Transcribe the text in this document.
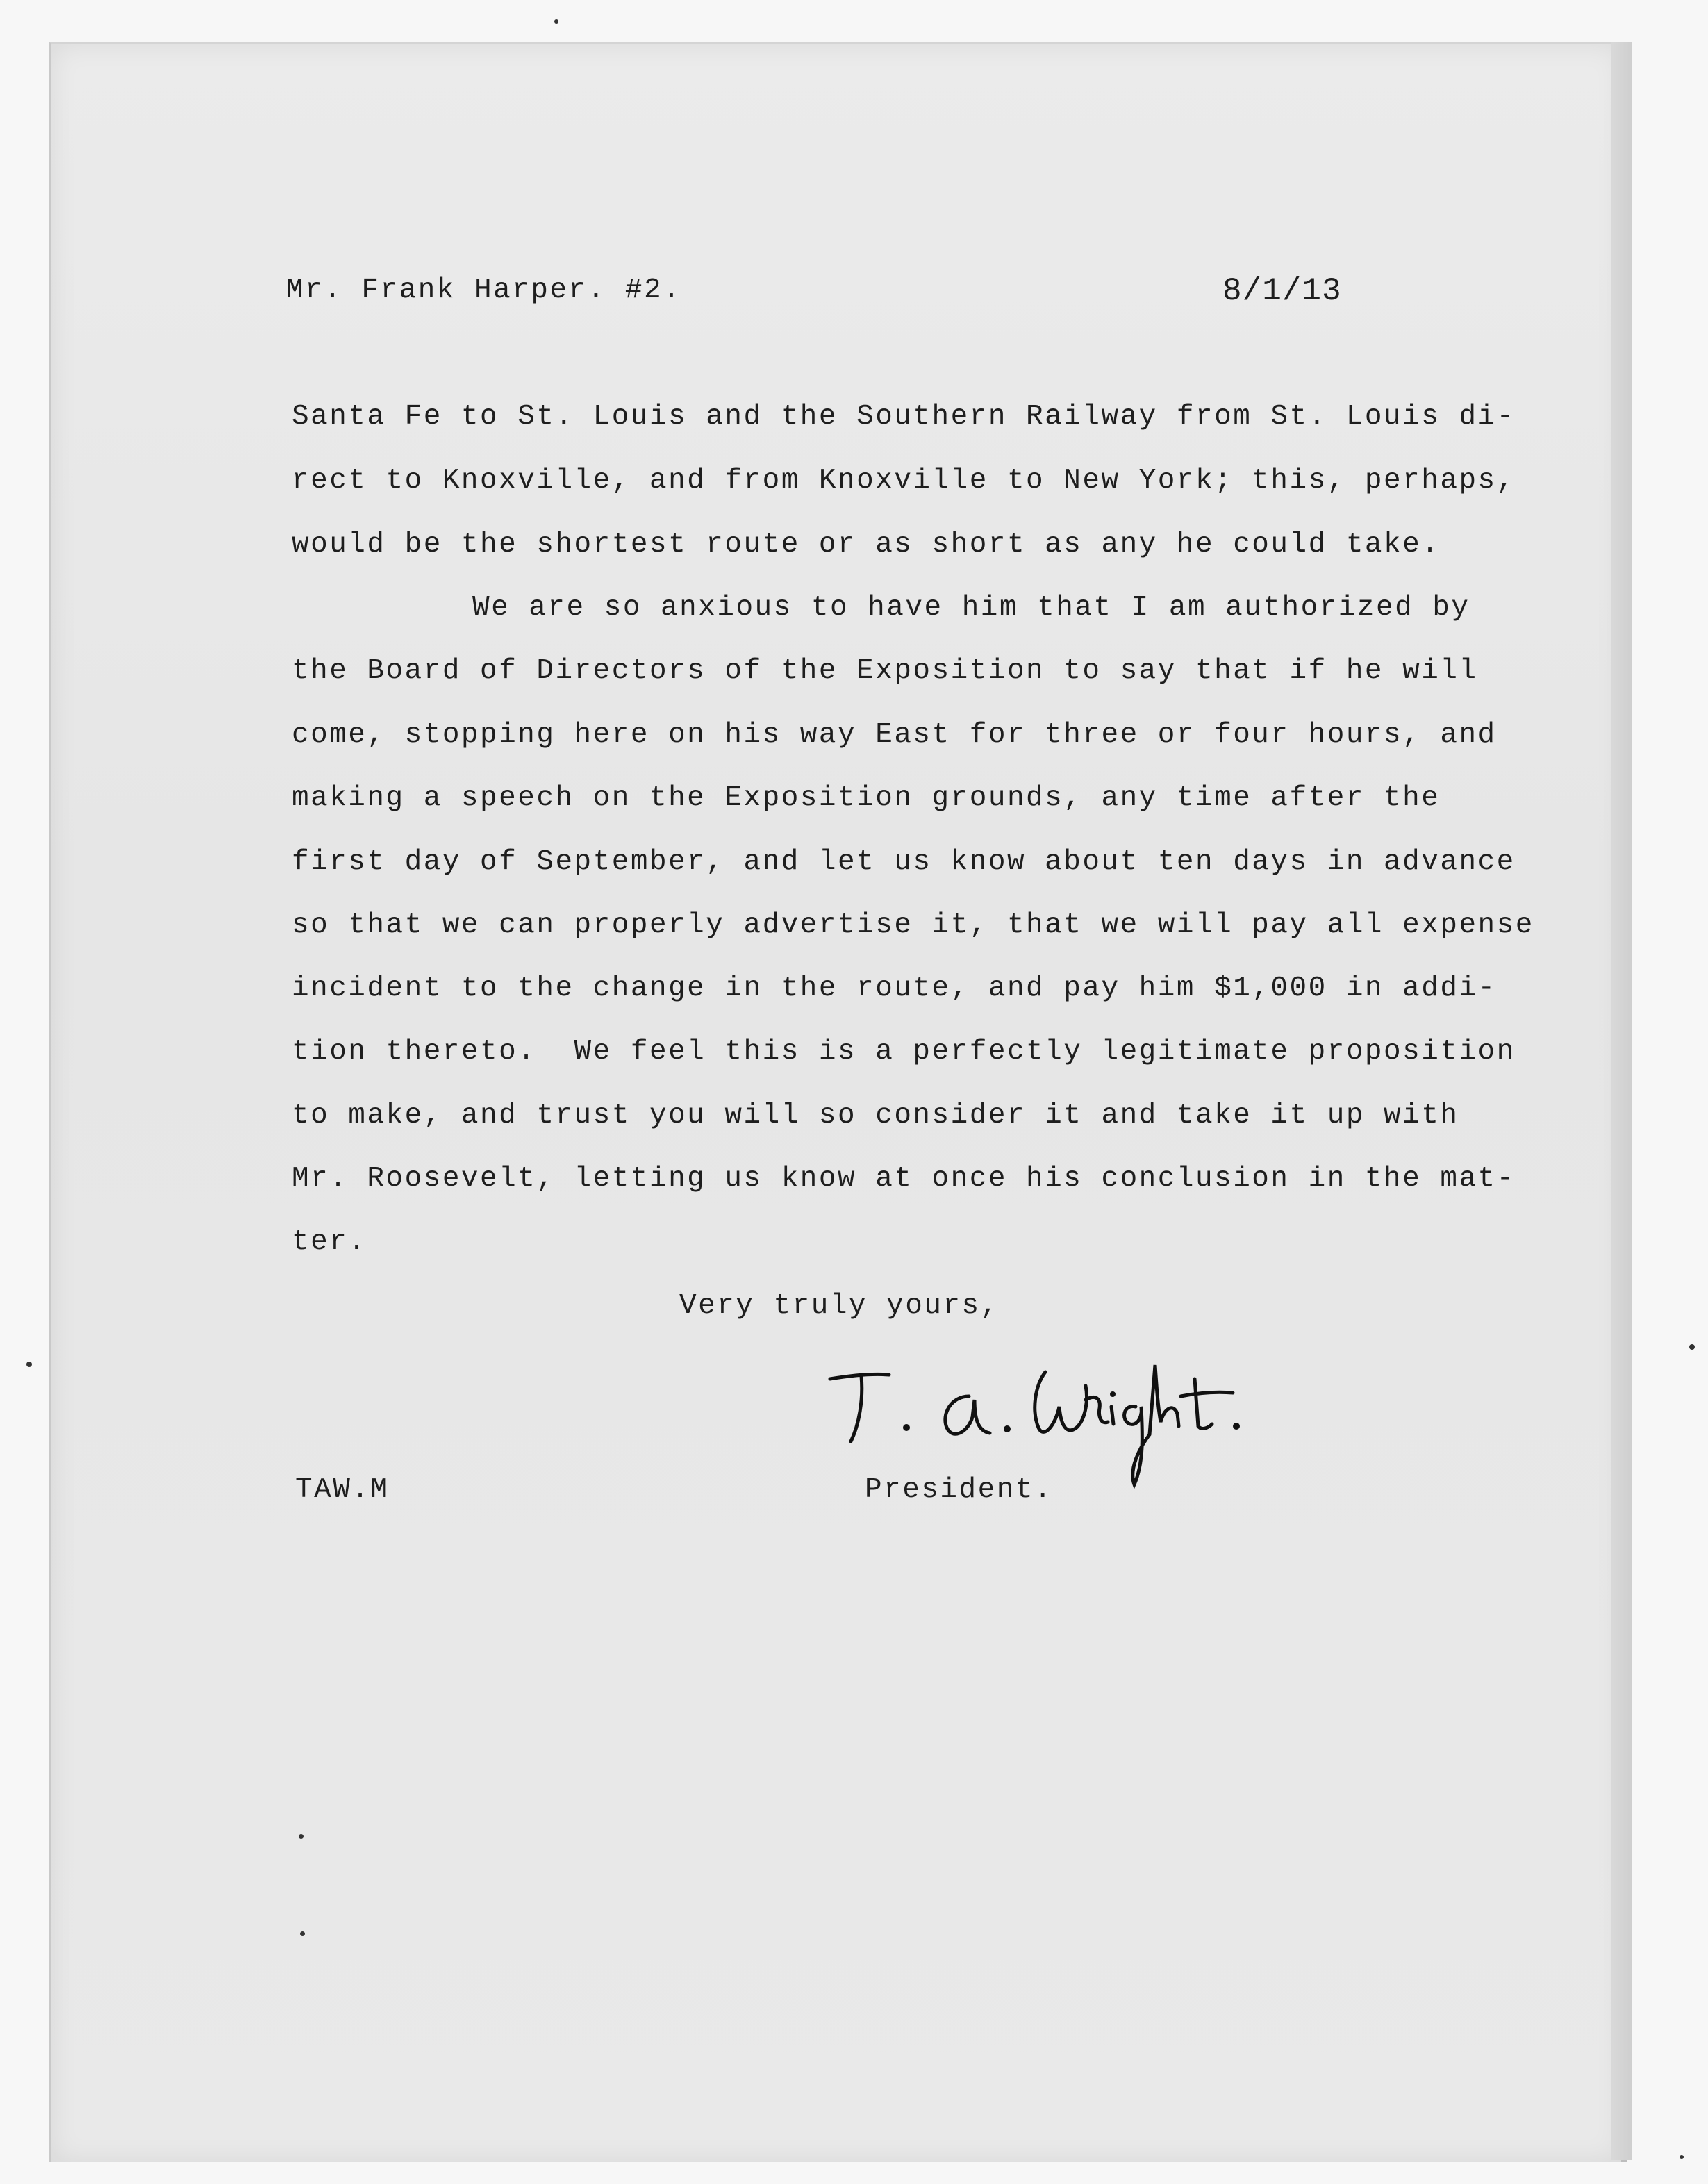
Mr. Frank Harper. #2.	8/1/13
Santa Fe to St. Louis and the Southern Railway from St. Louis di-
rect to Knoxville, and from Knoxville to New York; this, perhaps,
would be the shortest route or as short as any he could take.
We are so anxious to have him that I am authorized by
the Board of Directors of the Exposition to say that if he will
come, stopping here on his way East for three or four hours, and
making a speech on the Exposition grounds, any time after the
first day of September, and let us know about ten days in advance
so that we can properly advertise it, that we will pay all expense
incident to the change in the route, and pay him $1,000 in addi-
tion thereto.  We feel this is a perfectly legitimate proposition
to make, and trust you will so consider it and take it up with
Mr. Roosevelt, letting us know at once his conclusion in the mat-
ter.
Very truly yours,
TAW.M	President.
